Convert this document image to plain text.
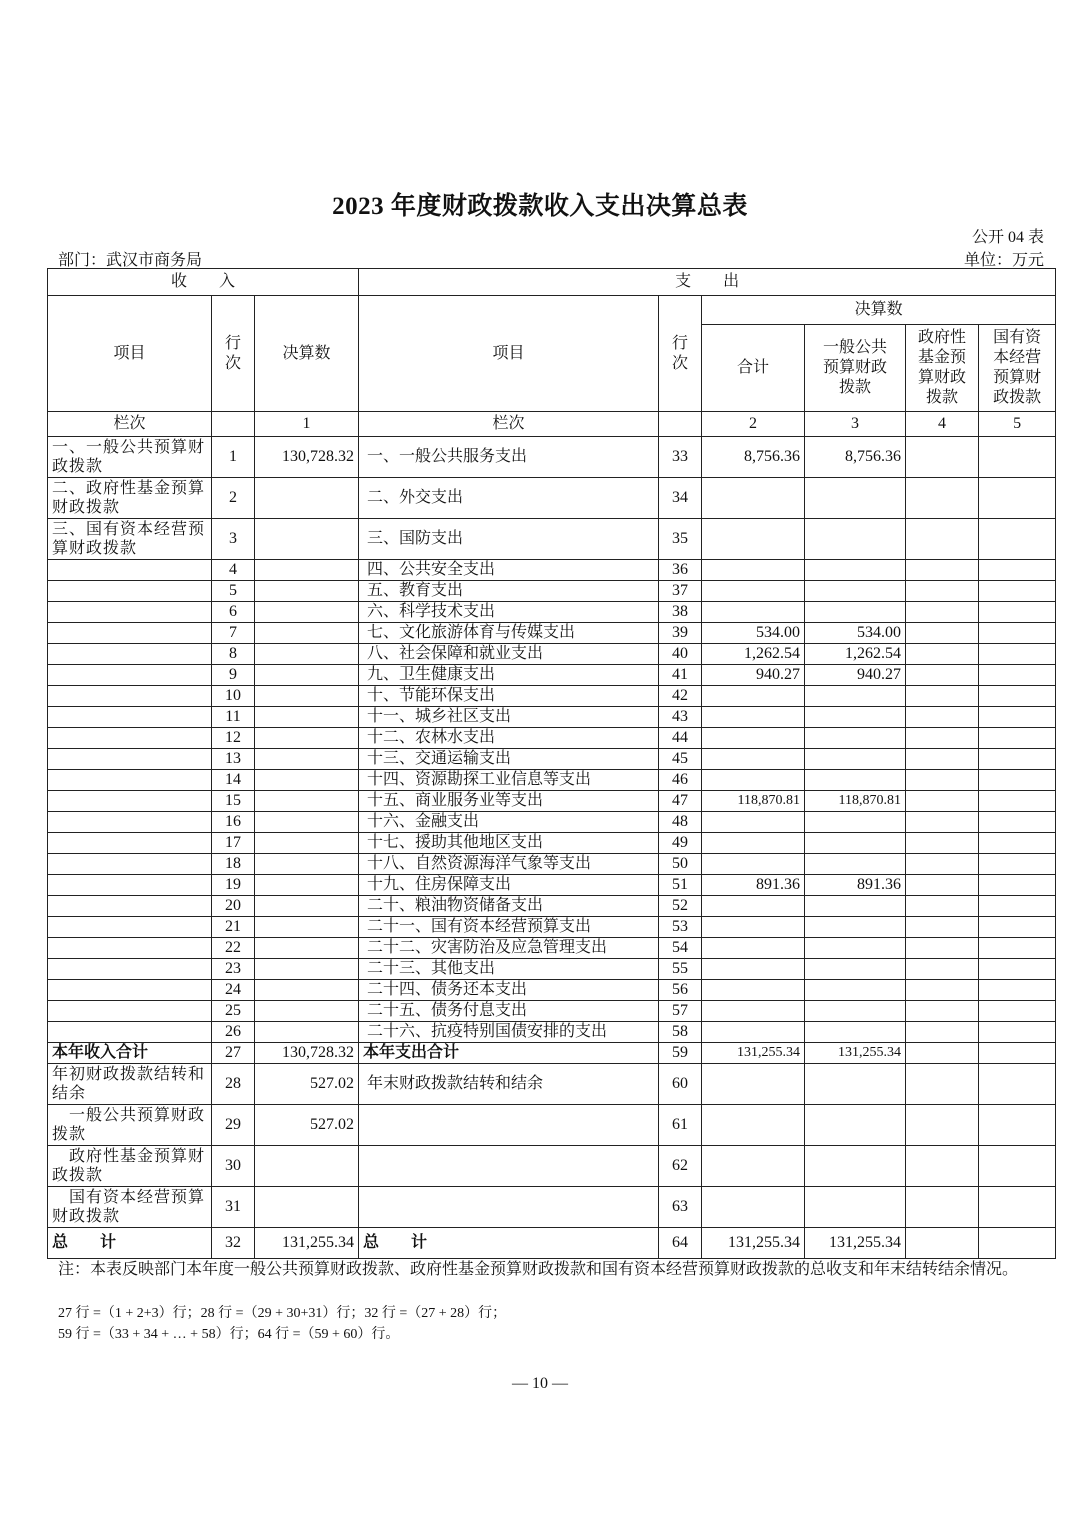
2023 年度财政拨款收入支出决算总表
公开 04 表
部门：武汉市商务局	单位：万元
收　　入			支　　出					
项目	行次	决算数	项目	行次	决算数			
					合计	一般公共预算财政拨款	政府性基金预算财政拨款	国有资本经营预算财政拨款
栏次		1	栏次		2	3	4	5
一、一般公共预算财政拨款	1	130,728.32	一、一般公共服务支出	33	8,756.36	8,756.36		
二、政府性基金预算财政拨款	2		二、外交支出	34				
三、国有资本经营预算财政拨款	3		三、国防支出	35				
	4		四、公共安全支出	36				
	5		五、教育支出	37				
	6		六、科学技术支出	38				
	7		七、文化旅游体育与传媒支出	39	534.00	534.00		
	8		八、社会保障和就业支出	40	1,262.54	1,262.54		
	9		九、卫生健康支出	41	940.27	940.27		
	10		十、节能环保支出	42				
	11		十一、城乡社区支出	43				
	12		十二、农林水支出	44				
	13		十三、交通运输支出	45				
	14		十四、资源勘探工业信息等支出	46				
	15		十五、商业服务业等支出	47	118,870.81	118,870.81		
	16		十六、金融支出	48				
	17		十七、援助其他地区支出	49				
	18		十八、自然资源海洋气象等支出	50				
	19		十九、住房保障支出	51	891.36	891.36		
	20		二十、粮油物资储备支出	52				
	21		二十一、国有资本经营预算支出	53				
	22		二十二、灾害防治及应急管理支出	54				
	23		二十三、其他支出	55				
	24		二十四、债务还本支出	56				
	25		二十五、债务付息支出	57				
	26		二十六、抗疫特别国债安排的支出	58				
本年收入合计	27	130,728.32	本年支出合计	59	131,255.34	131,255.34		
年初财政拨款结转和结余	28	527.02	年末财政拨款结转和结余	60				
　一般公共预算财政拨款	29	527.02		61				
　政府性基金预算财政拨款	30			62				
　国有资本经营预算财政拨款	31			63				
总　　计	32	131,255.34	总　　计	64	131,255.34	131,255.34		
注：本表反映部门本年度一般公共预算财政拨款、政府性基金预算财政拨款和国有资本经营预算财政拨款的总收支和年末结转结余情况。
27 行 =（1 + 2+3）行；28 行 =（29 + 30+31）行；32 行 =（27 + 28）行；
59 行 =（33 + 34 + … + 58）行；64 行 =（59 + 60）行。
— 10 —
